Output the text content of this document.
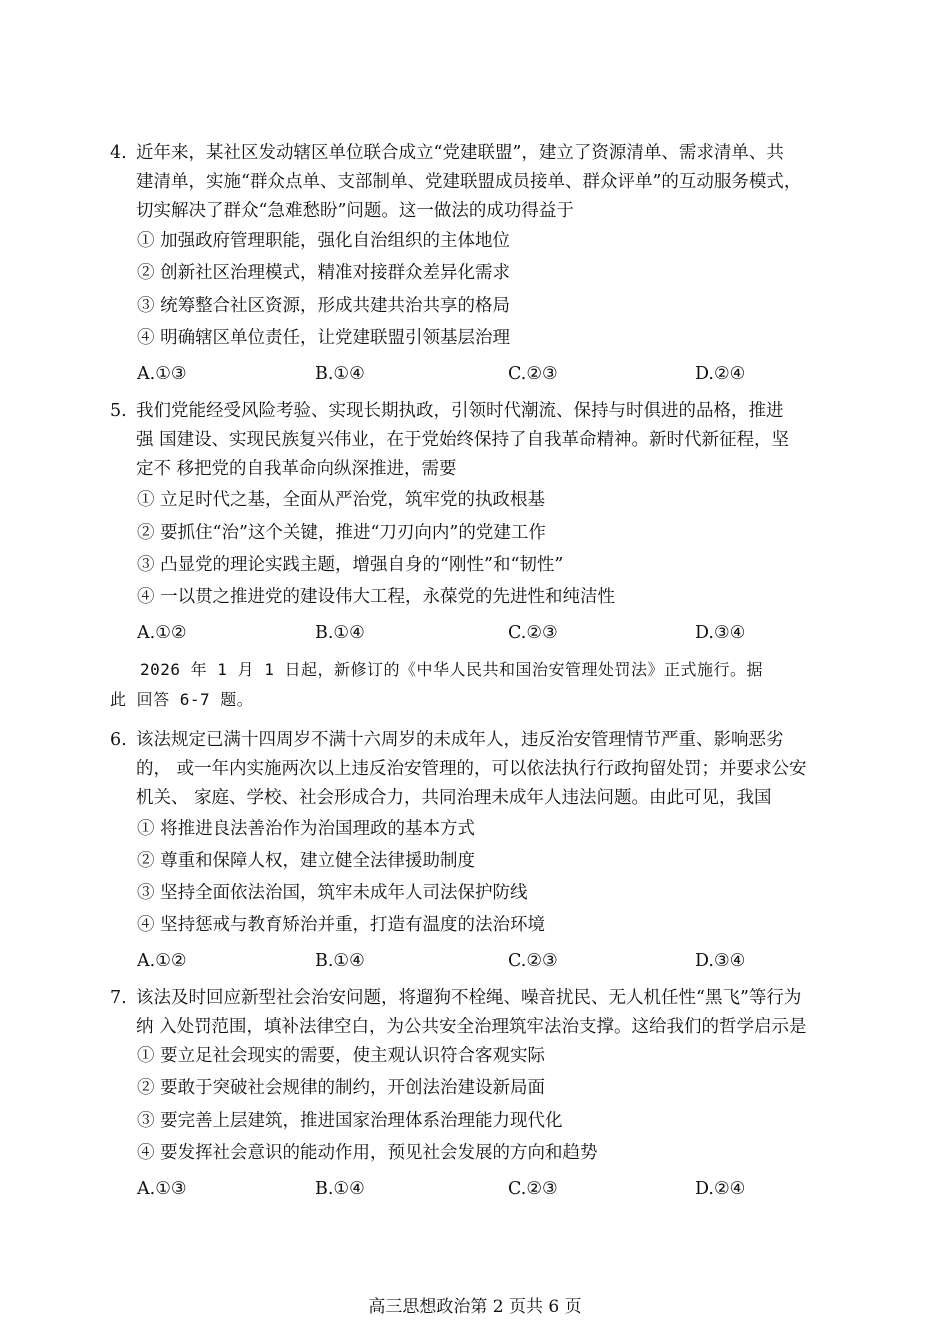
4. 近年来，某社区发动辖区单位联合成立“党建联盟”，建立了资源清单、需求清单、共
建清单，实施“群众点单、支部制单、党建联盟成员接单、群众评单”的互动服务模式，
切实解决了群众“急难愁盼”问题。这一做法的成功得益于
① 加强政府管理职能，强化自治组织的主体地位
② 创新社区治理模式，精准对接群众差异化需求
③ 统筹整合社区资源，形成共建共治共享的格局
④ 明确辖区单位责任，让党建联盟引领基层治理
A.①③	B.①④	C.②③	D.②④
5. 我们党能经受风险考验、实现长期执政，引领时代潮流、保持与时俱进的品格，推进
强 国建设、实现民族复兴伟业，在于党始终保持了自我革命精神。新时代新征程，坚
定不 移把党的自我革命向纵深推进，需要
① 立足时代之基，全面从严治党，筑牢党的执政根基
② 要抓住“治”这个关键，推进“刀刃向内”的党建工作
③ 凸显党的理论实践主题，增强自身的“刚性”和“韧性”
④ 一以贯之推进党的建设伟大工程，永葆党的先进性和纯洁性
A.①②	B.①④	C.②③	D.③④
2026 年 1 月 1 日起，新修订的《中华人民共和国治安管理处罚法》正式施行。据
此 回答 6-7 题。
6. 该法规定已满十四周岁不满十六周岁的未成年人，违反治安管理情节严重、影响恶劣
的， 或一年内实施两次以上违反治安管理的，可以依法执行行政拘留处罚；并要求公安
机关、 家庭、学校、社会形成合力，共同治理未成年人违法问题。由此可见，我国
① 将推进良法善治作为治国理政的基本方式
② 尊重和保障人权，建立健全法律援助制度
③ 坚持全面依法治国，筑牢未成年人司法保护防线
④ 坚持惩戒与教育矫治并重，打造有温度的法治环境
A.①②	B.①④	C.②③	D.③④
7. 该法及时回应新型社会治安问题，将遛狗不栓绳、噪音扰民、无人机任性“黑飞”等行为
纳 入处罚范围，填补法律空白，为公共安全治理筑牢法治支撑。这给我们的哲学启示是
① 要立足社会现实的需要，使主观认识符合客观实际
② 要敢于突破社会规律的制约，开创法治建设新局面
③ 要完善上层建筑，推进国家治理体系治理能力现代化
④ 要发挥社会意识的能动作用，预见社会发展的方向和趋势
A.①③	B.①④	C.②③	D.②④
高三思想政治第 2 页共 6 页
